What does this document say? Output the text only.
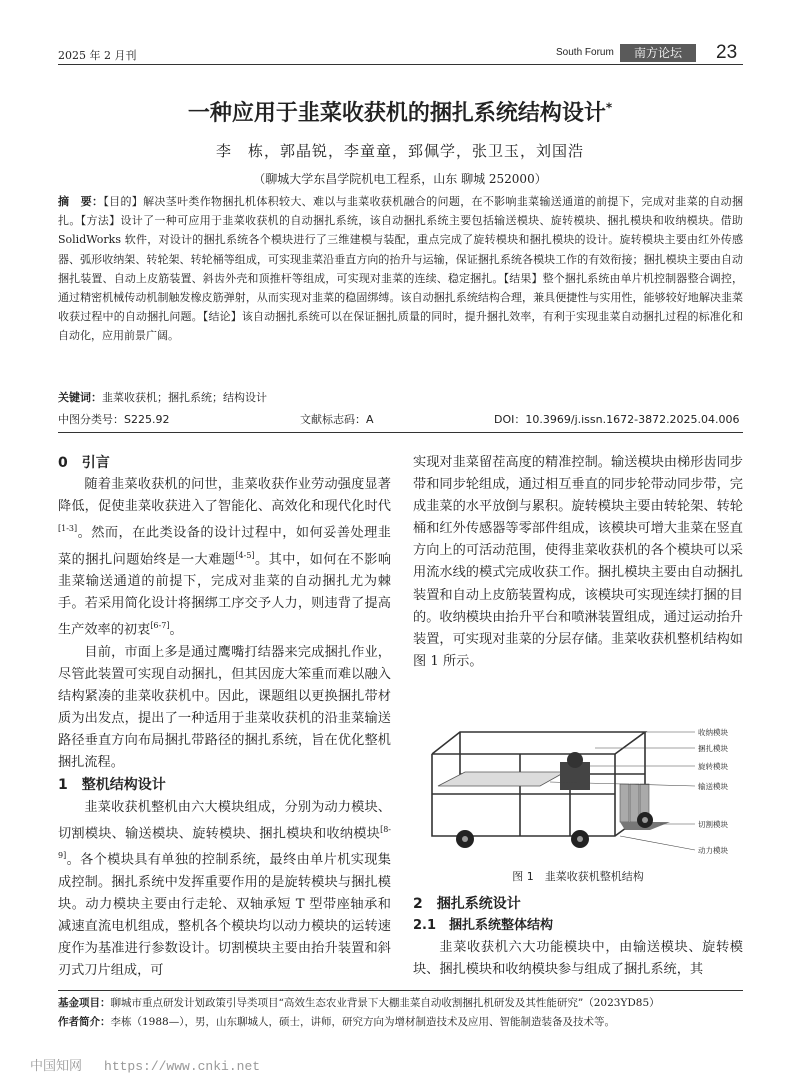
2025 年 2 月刊	South Forum	南方论坛	23
一种应用于韭菜收获机的捆扎系统结构设计*
李　栋，郭晶锐，李童童，郅佩学，张卫玉，刘国浩
（聊城大学东昌学院机电工程系，山东 聊城 252000）
摘　要：【目的】解决茎叶类作物捆扎机体积较大、难以与韭菜收获机融合的问题，在不影响韭菜输送通道的前提下，完成对韭菜的自动捆扎。【方法】设计了一种可应用于韭菜收获机的自动捆扎系统，该自动捆扎系统主要包括输送模块、旋转模块、捆扎模块和收纳模块。借助 SolidWorks 软件，对设计的捆扎系统各个模块进行了三维建模与装配，重点完成了旋转模块和捆扎模块的设计。旋转模块主要由红外传感器、弧形收纳架、转轮架、转轮桶等组成，可实现韭菜沿垂直方向的抬升与运输，保证捆扎系统各模块工作的有效衔接；捆扎模块主要由自动捆扎装置、自动上皮筋装置、斜齿外壳和顶推杆等组成，可实现对韭菜的连续、稳定捆扎。【结果】整个捆扎系统由单片机控制器整合调控，通过精密机械传动机制触发橡皮筋弹射，从而实现对韭菜的稳固绑缚。该自动捆扎系统结构合理，兼具便捷性与实用性，能够较好地解决韭菜收获过程中的自动捆扎问题。【结论】该自动捆扎系统可以在保证捆扎质量的同时，提升捆扎效率，有利于实现韭菜自动捆扎过程的标准化和自动化，应用前景广阔。
关键词：韭菜收获机；捆扎系统；结构设计
中图分类号：S225.92	文献标志码：A	DOI：10.3969/j.issn.1672-3872.2025.04.006

0　引言

随着韭菜收获机的问世，韭菜收获作业劳动强度显著降低，促使韭菜收获进入了智能化、高效化和现代化时代[1-3]。然而，在此类设备的设计过程中，如何妥善处理韭菜的捆扎问题始终是一大难题[4-5]。其中，如何在不影响韭菜输送通道的前提下，完成对韭菜的自动捆扎尤为棘手。若采用简化设计将捆绑工序交予人力，则违背了提高生产效率的初衷[6-7]。

目前，市面上多是通过鹰嘴打结器来完成捆扎作业，尽管此装置可实现自动捆扎，但其因庞大笨重而难以融入结构紧凑的韭菜收获机中。因此，课题组以更换捆扎带材质为出发点，提出了一种适用于韭菜收获机的沿韭菜输送路径垂直方向布局捆扎带路径的捆扎系统，旨在优化整机捆扎流程。

1　整机结构设计

韭菜收获机整机由六大模块组成，分别为动力模块、切割模块、输送模块、旋转模块、捆扎模块和收纳模块[8-9]。各个模块具有单独的控制系统，最终由单片机实现集成控制。捆扎系统中发挥重要作用的是旋转模块与捆扎模块。动力模块主要由行走轮、双轴承短 T 型带座轴承和减速直流电机组成，整机各个模块均以动力模块的运转速度作为基准进行参数设计。切割模块主要由抬升装置和斜刃式刀片组成，可

实现对韭菜留茬高度的精准控制。输送模块由梯形齿同步带和同步轮组成，通过相互垂直的同步轮带动同步带，完成韭菜的水平放倒与累积。旋转模块主要由转轮架、转轮桶和红外传感器等零部件组成，该模块可增大韭菜在竖直方向上的可活动范围，使得韭菜收获机的各个模块可以采用流水线的模式完成收获工作。捆扎模块主要由自动捆扎装置和自动上皮筋装置构成，该模块可实现连续打捆的目的。收纳模块由抬升平台和喷淋装置组成，通过运动抬升装置，可实现对韭菜的分层存储。韭菜收获机整机结构如图 1 所示。

收纳模块
捆扎模块
旋转模块
输送模块
切割模块
动力模块
图 1　韭菜收获机整机结构

2　捆扎系统设计

2.1　捆扎系统整体结构

韭菜收获机六大功能模块中，由输送模块、旋转模块、捆扎模块和收纳模块参与组成了捆扎系统，其

基金项目：聊城市重点研发计划政策引导类项目“高效生态农业背景下大棚韭菜自动收割捆扎机研发及其性能研究”（2023YD85）
作者简介：李栋（1988—），男，山东聊城人，硕士，讲师，研究方向为增材制造技术及应用、智能制造装备及技术等。
中国知网 https://www.cnki.net
